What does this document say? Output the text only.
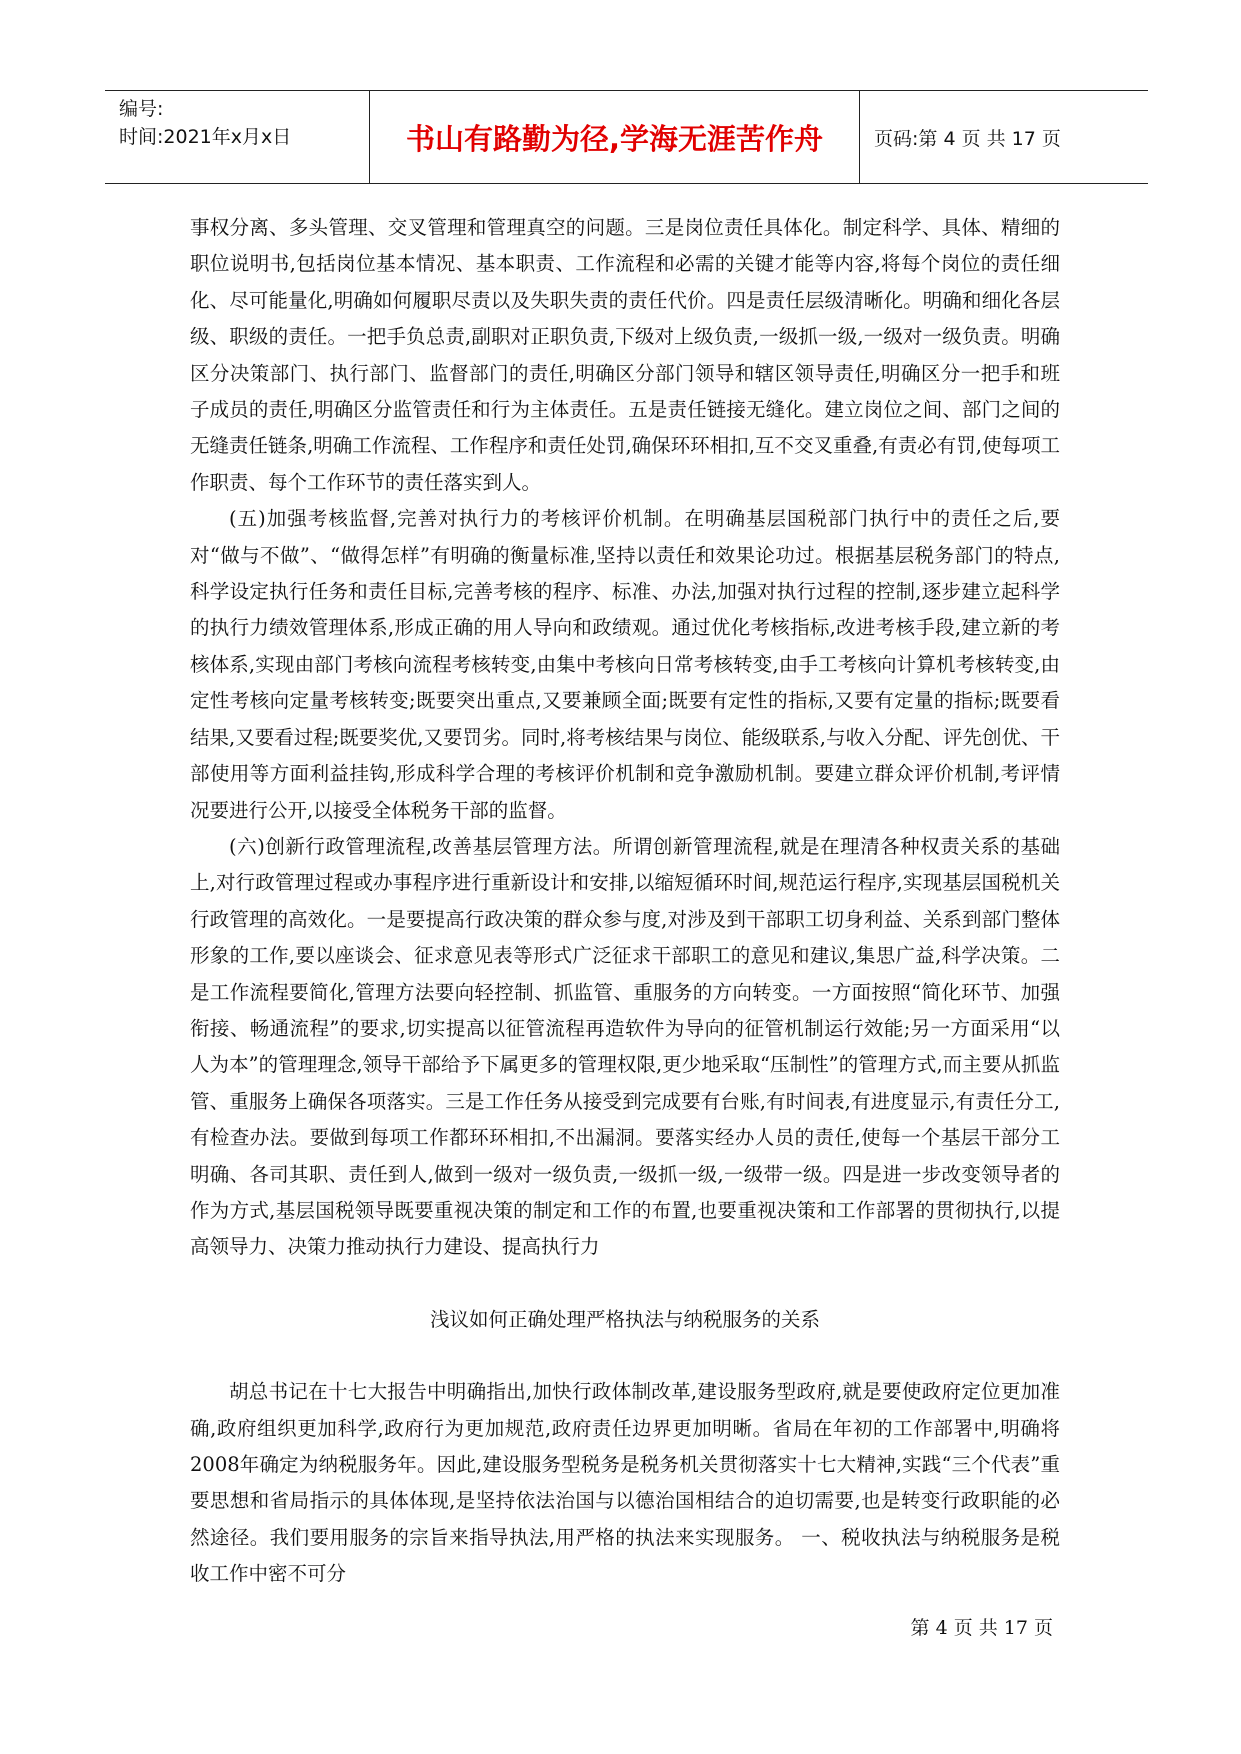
编号:
时间:2021年x月x日	书山有路勤为径,学海无涯苦作舟	页码:第 4 页 共 17 页

事权分离、多头管理、交叉管理和管理真空的问题。三是岗位责任具体化。制定科学、具体、精细的职位说明书,包括岗位基本情况、基本职责、工作流程和必需的关键才能等内容,将每个岗位的责任细化、尽可能量化,明确如何履职尽责以及失职失责的责任代价。四是责任层级清晰化。明确和细化各层级、职级的责任。一把手负总责,副职对正职负责,下级对上级负责,一级抓一级,一级对一级负责。明确区分决策部门、执行部门、监督部门的责任,明确区分部门领导和辖区领导责任,明确区分一把手和班子成员的责任,明确区分监管责任和行为主体责任。五是责任链接无缝化。建立岗位之间、部门之间的无缝责任链条,明确工作流程、工作程序和责任处罚,确保环环相扣,互不交叉重叠,有责必有罚,使每项工作职责、每个工作环节的责任落实到人。

(五)加强考核监督,完善对执行力的考核评价机制。在明确基层国税部门执行中的责任之后,要对“做与不做”、“做得怎样”有明确的衡量标准,坚持以责任和效果论功过。根据基层税务部门的特点,科学设定执行任务和责任目标,完善考核的程序、标准、办法,加强对执行过程的控制,逐步建立起科学的执行力绩效管理体系,形成正确的用人导向和政绩观。通过优化考核指标,改进考核手段,建立新的考核体系,实现由部门考核向流程考核转变,由集中考核向日常考核转变,由手工考核向计算机考核转变,由定性考核向定量考核转变;既要突出重点,又要兼顾全面;既要有定性的指标,又要有定量的指标;既要看结果,又要看过程;既要奖优,又要罚劣。同时,将考核结果与岗位、能级联系,与收入分配、评先创优、干部使用等方面利益挂钩,形成科学合理的考核评价机制和竞争激励机制。要建立群众评价机制,考评情况要进行公开,以接受全体税务干部的监督。

(六)创新行政管理流程,改善基层管理方法。所谓创新管理流程,就是在理清各种权责关系的基础上,对行政管理过程或办事程序进行重新设计和安排,以缩短循环时间,规范运行程序,实现基层国税机关行政管理的高效化。一是要提高行政决策的群众参与度,对涉及到干部职工切身利益、关系到部门整体形象的工作,要以座谈会、征求意见表等形式广泛征求干部职工的意见和建议,集思广益,科学决策。二是工作流程要简化,管理方法要向轻控制、抓监管、重服务的方向转变。一方面按照“简化环节、加强衔接、畅通流程”的要求,切实提高以征管流程再造软件为导向的征管机制运行效能;另一方面采用“以人为本”的管理理念,领导干部给予下属更多的管理权限,更少地采取“压制性”的管理方式,而主要从抓监管、重服务上确保各项落实。三是工作任务从接受到完成要有台账,有时间表,有进度显示,有责任分工,有检查办法。要做到每项工作都环环相扣,不出漏洞。要落实经办人员的责任,使每一个基层干部分工明确、各司其职、责任到人,做到一级对一级负责,一级抓一级,一级带一级。四是进一步改变领导者的作为方式,基层国税领导既要重视决策的制定和工作的布置,也要重视决策和工作部署的贯彻执行,以提高领导力、决策力推动执行力建设、提高执行力

浅议如何正确处理严格执法与纳税服务的关系

胡总书记在十七大报告中明确指出,加快行政体制改革,建设服务型政府,就是要使政府定位更加准确,政府组织更加科学,政府行为更加规范,政府责任边界更加明晰。省局在年初的工作部署中,明确将2008年确定为纳税服务年。因此,建设服务型税务是税务机关贯彻落实十七大精神,实践“三个代表”重要思想和省局指示的具体体现,是坚持依法治国与以德治国相结合的迫切需要,也是转变行政职能的必然途径。我们要用服务的宗旨来指导执法,用严格的执法来实现服务。 一、税收执法与纳税服务是税收工作中密不可分

第 4 页 共 17 页
